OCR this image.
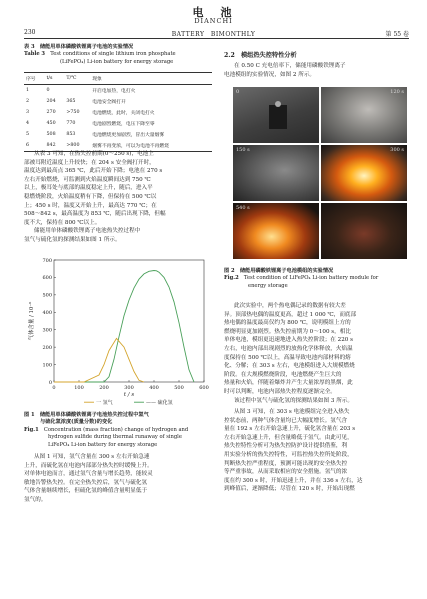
电　池
DIANCHI
230	BATTERY　BIMONTHLY	第 55 卷
表 3　 储能用单体磷酸铁锂离子电池的实验情况
Table 3　 Test conditions of single lithium iron phosphate
(LiFePO₄) Li-ion battery for energy storage
序号	t/s	T/℃	现象
1	0		开启电加热，电打火
2	204	365	电池安全阀打开
3	270	>750	电池燃烧，此时，关闭电打火
4	450	770	电池剧烈燃烧，电压下降至零
5	508	853	电池燃烧更加剧烈，冒出大量烟雾
6	842	>800	烟雾不再变浓，可以为电池不再燃烧
从表 3 可知，在热失控前期(0～250 s)，电池上
部被耳附近温度上升较快；在 204 s 安全阀打开时，
温度达到最高点 365 ℃，此后开始下降；电池在 270 s
左右开始燃烧，可监测到火焰温度瞬间达到 750 ℃
以上，极耳处与底部的温度稳定上升，随后，进入平
稳燃烧阶段，火焰温度稍有下降，但保持在 500 ℃以
上；450 s 时，温度又开始上升，最高达 770 ℃；在
508～842 s，最高温度为 853 ℃，随后出现下降，但幅
度不大，保持在 800 ℃以上。
储能用单体磷酸铁锂离子电池热失控过程中
氢气与硫化氢的探测结果如图 1 所示。
0	100	200	300	400	500	600
0
100
200
300
400
500
600
700
t / s
气体含量 / 10⁻⁶
一 氢气	—— 硫化氢
图 1　 储能用单体磷酸铁锂离子电池热失控过程中氢气
与硫化氢浓度(质量分数)的变化
Fig.1　 Concentration (mass fraction) change of hydrogen and
hydrogen sulfide during thermal runaway of single
LiFePO₄ Li-ion battery for energy storage
从图 1 可知，氢气含量在 300 s 左右开始急速
上升，而硫化氢在电池内部部分热失控时缓慢上升。
对单体电池而言，通过氢气含量与增长趋势，能较灵
敏地告警热失控。在完全热失控后，氢气与硫化氢
气体含量继续增长，但硫化氢的峰值含量明显低于
氢气的。
2.2　模组热失控特性分析
在 0.50 C 充电倍率下，储能用磷酸铁锂离子
电池模组的实验情况，如图 2 所示。
0	120 s
150 s	300 s
540 s
图 2　 储能用磷酸铁锂离子电池模组的实验情况
Fig.2　 Test condition of LiFePO₄ Li-ion battery module for
energy storage
此次实验中，两个热电偶记录的数据有较大差
异。顶部热电偶的温度更高，超过 1 000 ℃，而底部
热电偶的温度最高仅约为 800 ℃，说明模组上方的
燃烧明显更加剧烈。热失控前期为 0～100 s，相比
单体电池，模组更迅速地进入热失控阶段；在 220 s
左右，电池内部出现剧烈的放热化学体释放，火焰温
度保持在 500 ℃以上，高温导致电池内部材料的熔
化、分解；在 303 s 左右，电池模组进入大规模燃烧
阶段。在大规模燃烧阶段，电池燃烧产生巨大的
热量和火焰，伴随着爆炸并产生大量浓厚的黑烟，此
时可以判断，电池内部热失控程度逐渐完全。
该过程中氢气与硫化氢的探测结果如图 3 所示。
从图 3 可知，在 303 s 电池模组完全进入热失
控状态前，两种气体含量均已大幅度增长。氢气含
量在 192 s 左右开始急速上升，硫化氢含量在 203 s
左右开始急速上升，但含量略低于氢气。由此可见，
热失控特性分析可为热失控防护设计提供借鉴，利
用实验分析的热失控特性，可监控热失控所处阶段，
判断热失控严重程度，预测可能出现的安全热失控
等严重事故，从而采取相应的安全措施。氢气的浓
度在约 300 s 时，开始迅速上升，并在 336 s 左右，达
到峰值后，逐渐降低；尽管在 120 s 时，开始出现燃
